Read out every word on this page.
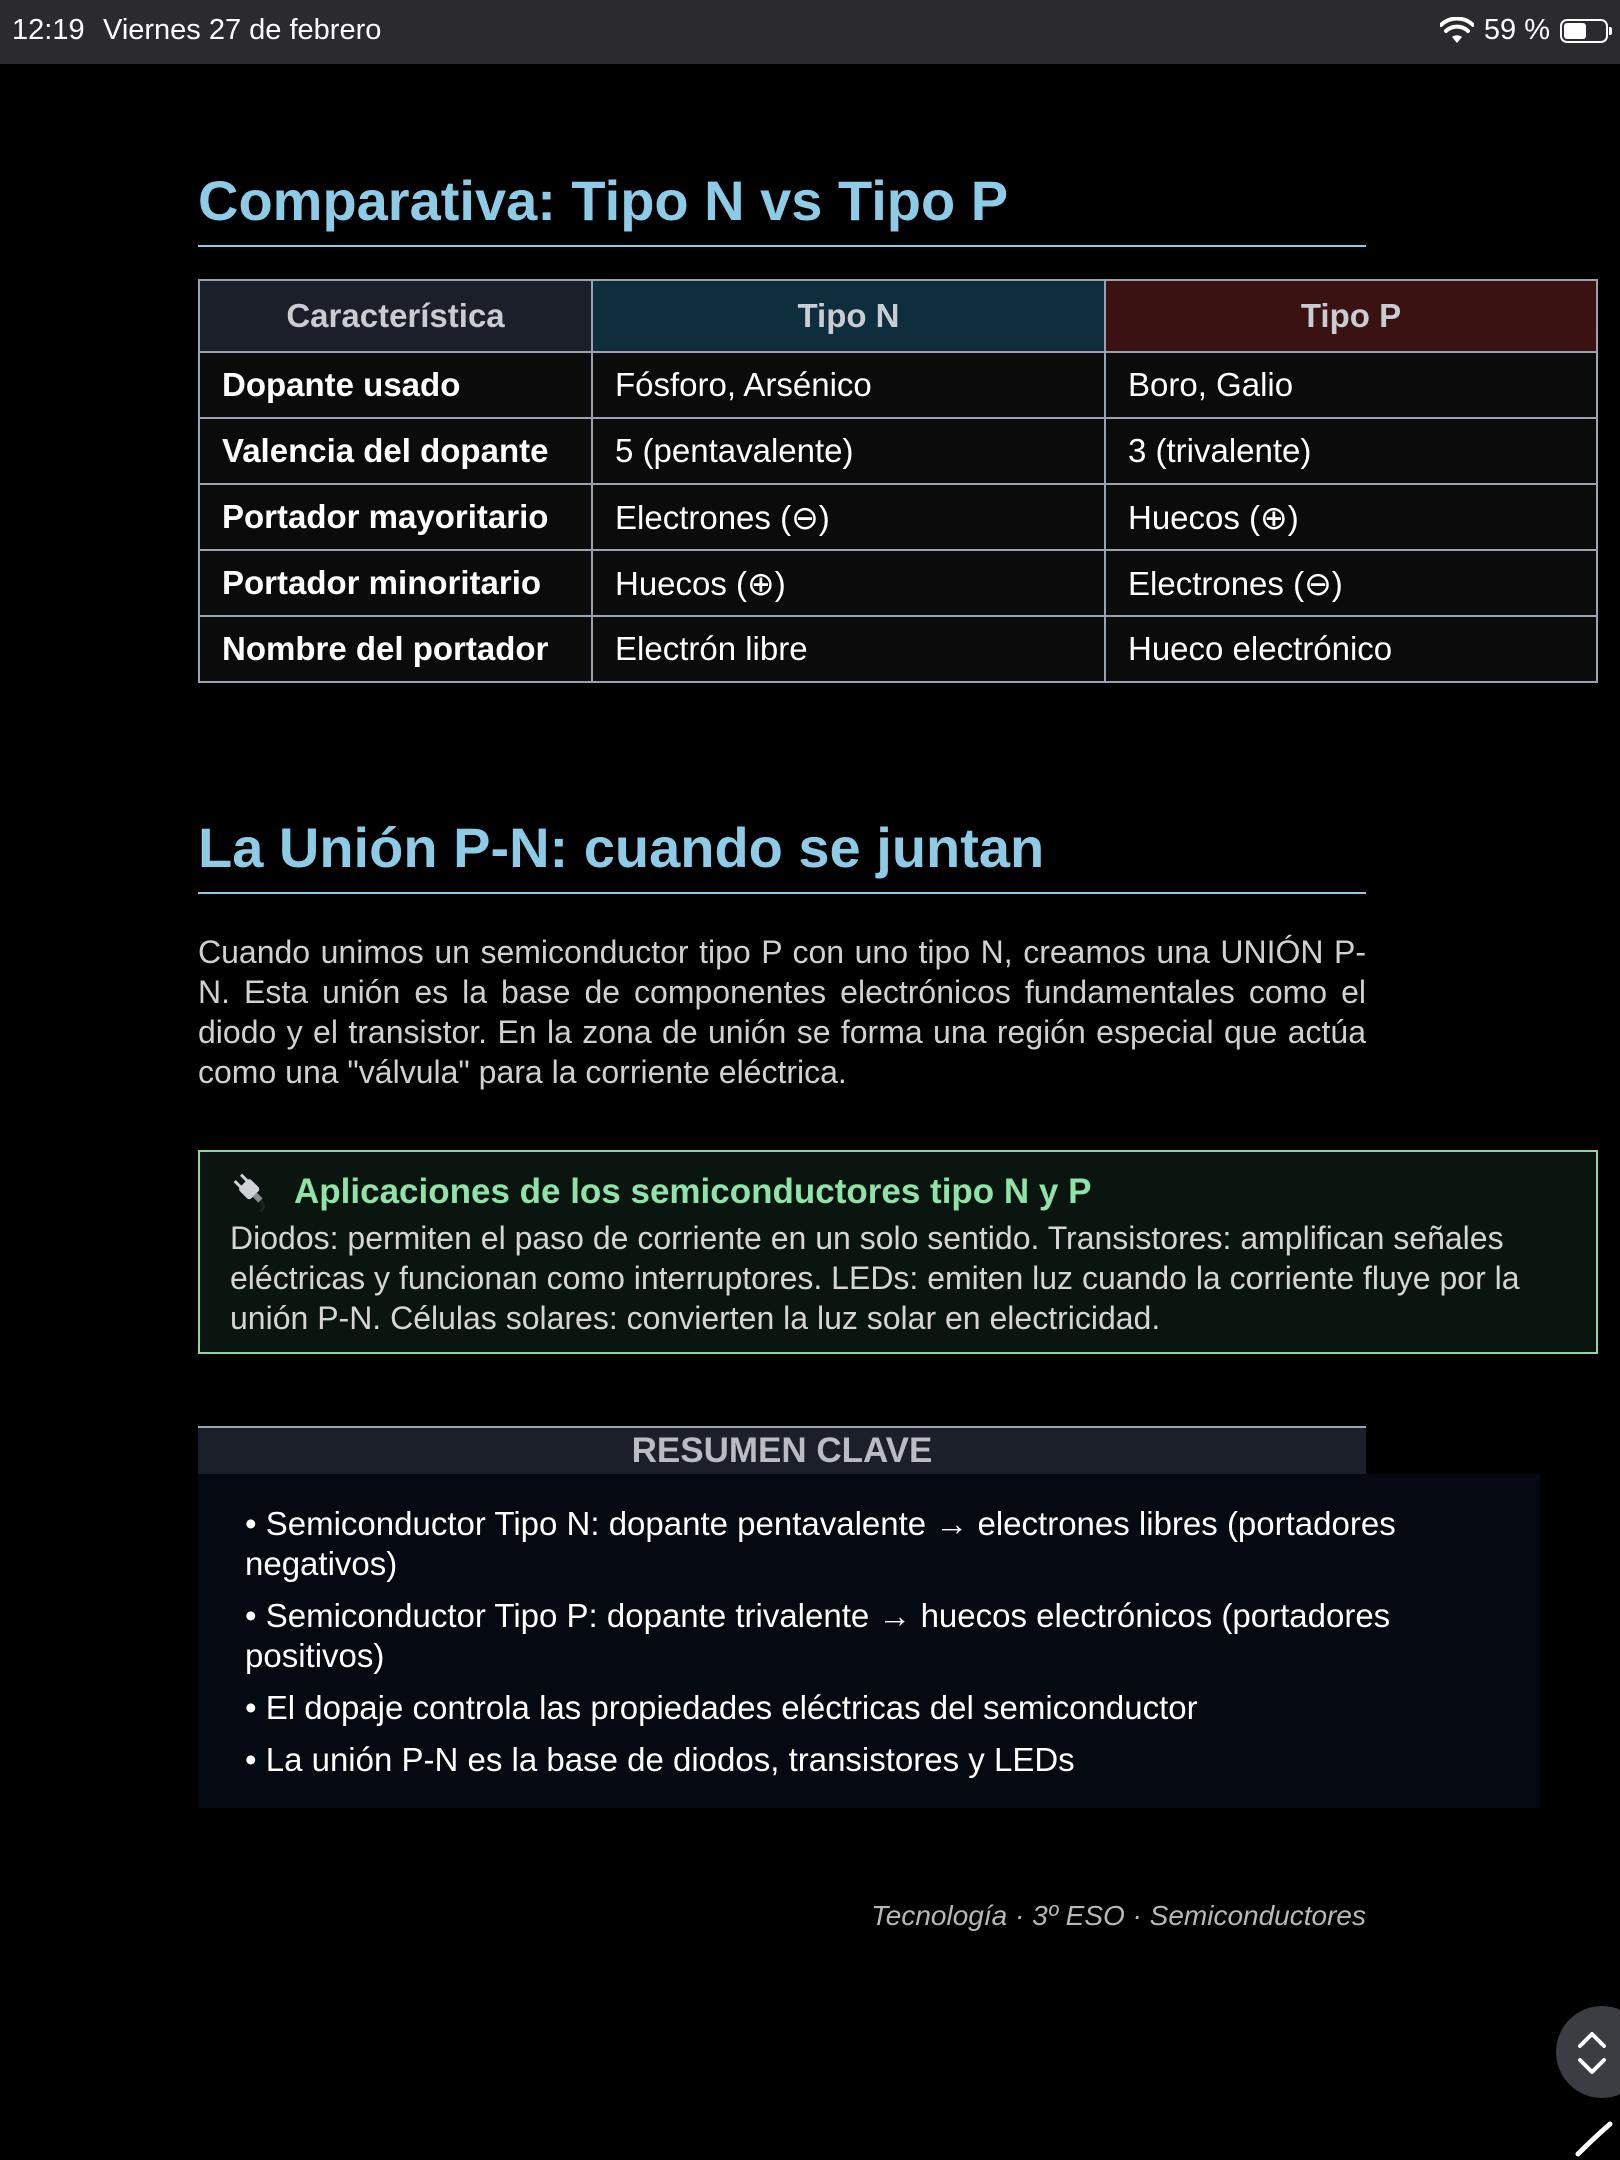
12:19 Viernes 27 de febrero	59 %
Comparativa: Tipo N vs Tipo P
Característica	Tipo N	Tipo P
Dopante usado	Fósforo, Arsénico	Boro, Galio
Valencia del dopante	5 (pentavalente)	3 (trivalente)
Portador mayoritario	Electrones (⊖)	Huecos (⊕)
Portador minoritario	Huecos (⊕)	Electrones (⊖)
Nombre del portador	Electrón libre	Hueco electrónico
La Unión P-N: cuando se juntan

Cuando unimos un semiconductor tipo P con uno tipo N, creamos una UNIÓN P-N. Esta unión es la base de componentes electrónicos fundamentales como el diodo y el transistor. En la zona de unión se forma una región especial que actúa como una "válvula" para la corriente eléctrica.

Aplicaciones de los semiconductores tipo N y P
Diodos: permiten el paso de corriente en un solo sentido. Transistores: amplifican señales
eléctricas y funcionan como interruptores. LEDs: emiten luz cuando la corriente fluye por la
unión P-N. Células solares: convierten la luz solar en electricidad.
RESUMEN CLAVE
• Semiconductor Tipo N: dopante pentavalente → electrones libres (portadores negativos)
• Semiconductor Tipo P: dopante trivalente → huecos electrónicos (portadores positivos)
• El dopaje controla las propiedades eléctricas del semiconductor
• La unión P-N es la base de diodos, transistores y LEDs
Tecnología · 3º ESO · Semiconductores
